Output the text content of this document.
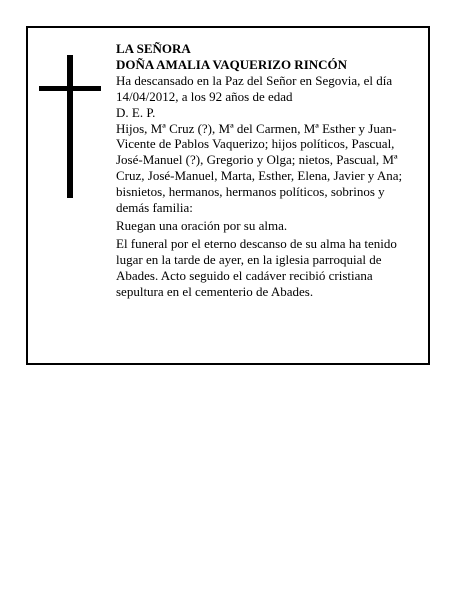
LA SEÑORA

DOÑA AMALIA VAQUERIZO RINCÓN

Ha descansado en la Paz del Señor en Segovia, el día 14/04/2012, a los 92 años de edad

D. E. P.

Hijos, Mª Cruz (?), Mª del Carmen, Mª Esther y Juan-Vicente de Pablos Vaquerizo; hijos políticos, Pascual, José-Manuel (?), Gregorio y Olga; nietos, Pascual, Mª Cruz, José-Manuel, Marta, Esther, Elena, Javier y Ana; bisnietos, hermanos, hermanos políticos, sobrinos y demás familia:

Ruegan una oración por su alma.

El funeral por el eterno descanso de su alma ha tenido lugar en la tarde de ayer, en la iglesia parroquial de Abades. Acto seguido el cadáver recibió cristiana sepultura en el cementerio de Abades.
